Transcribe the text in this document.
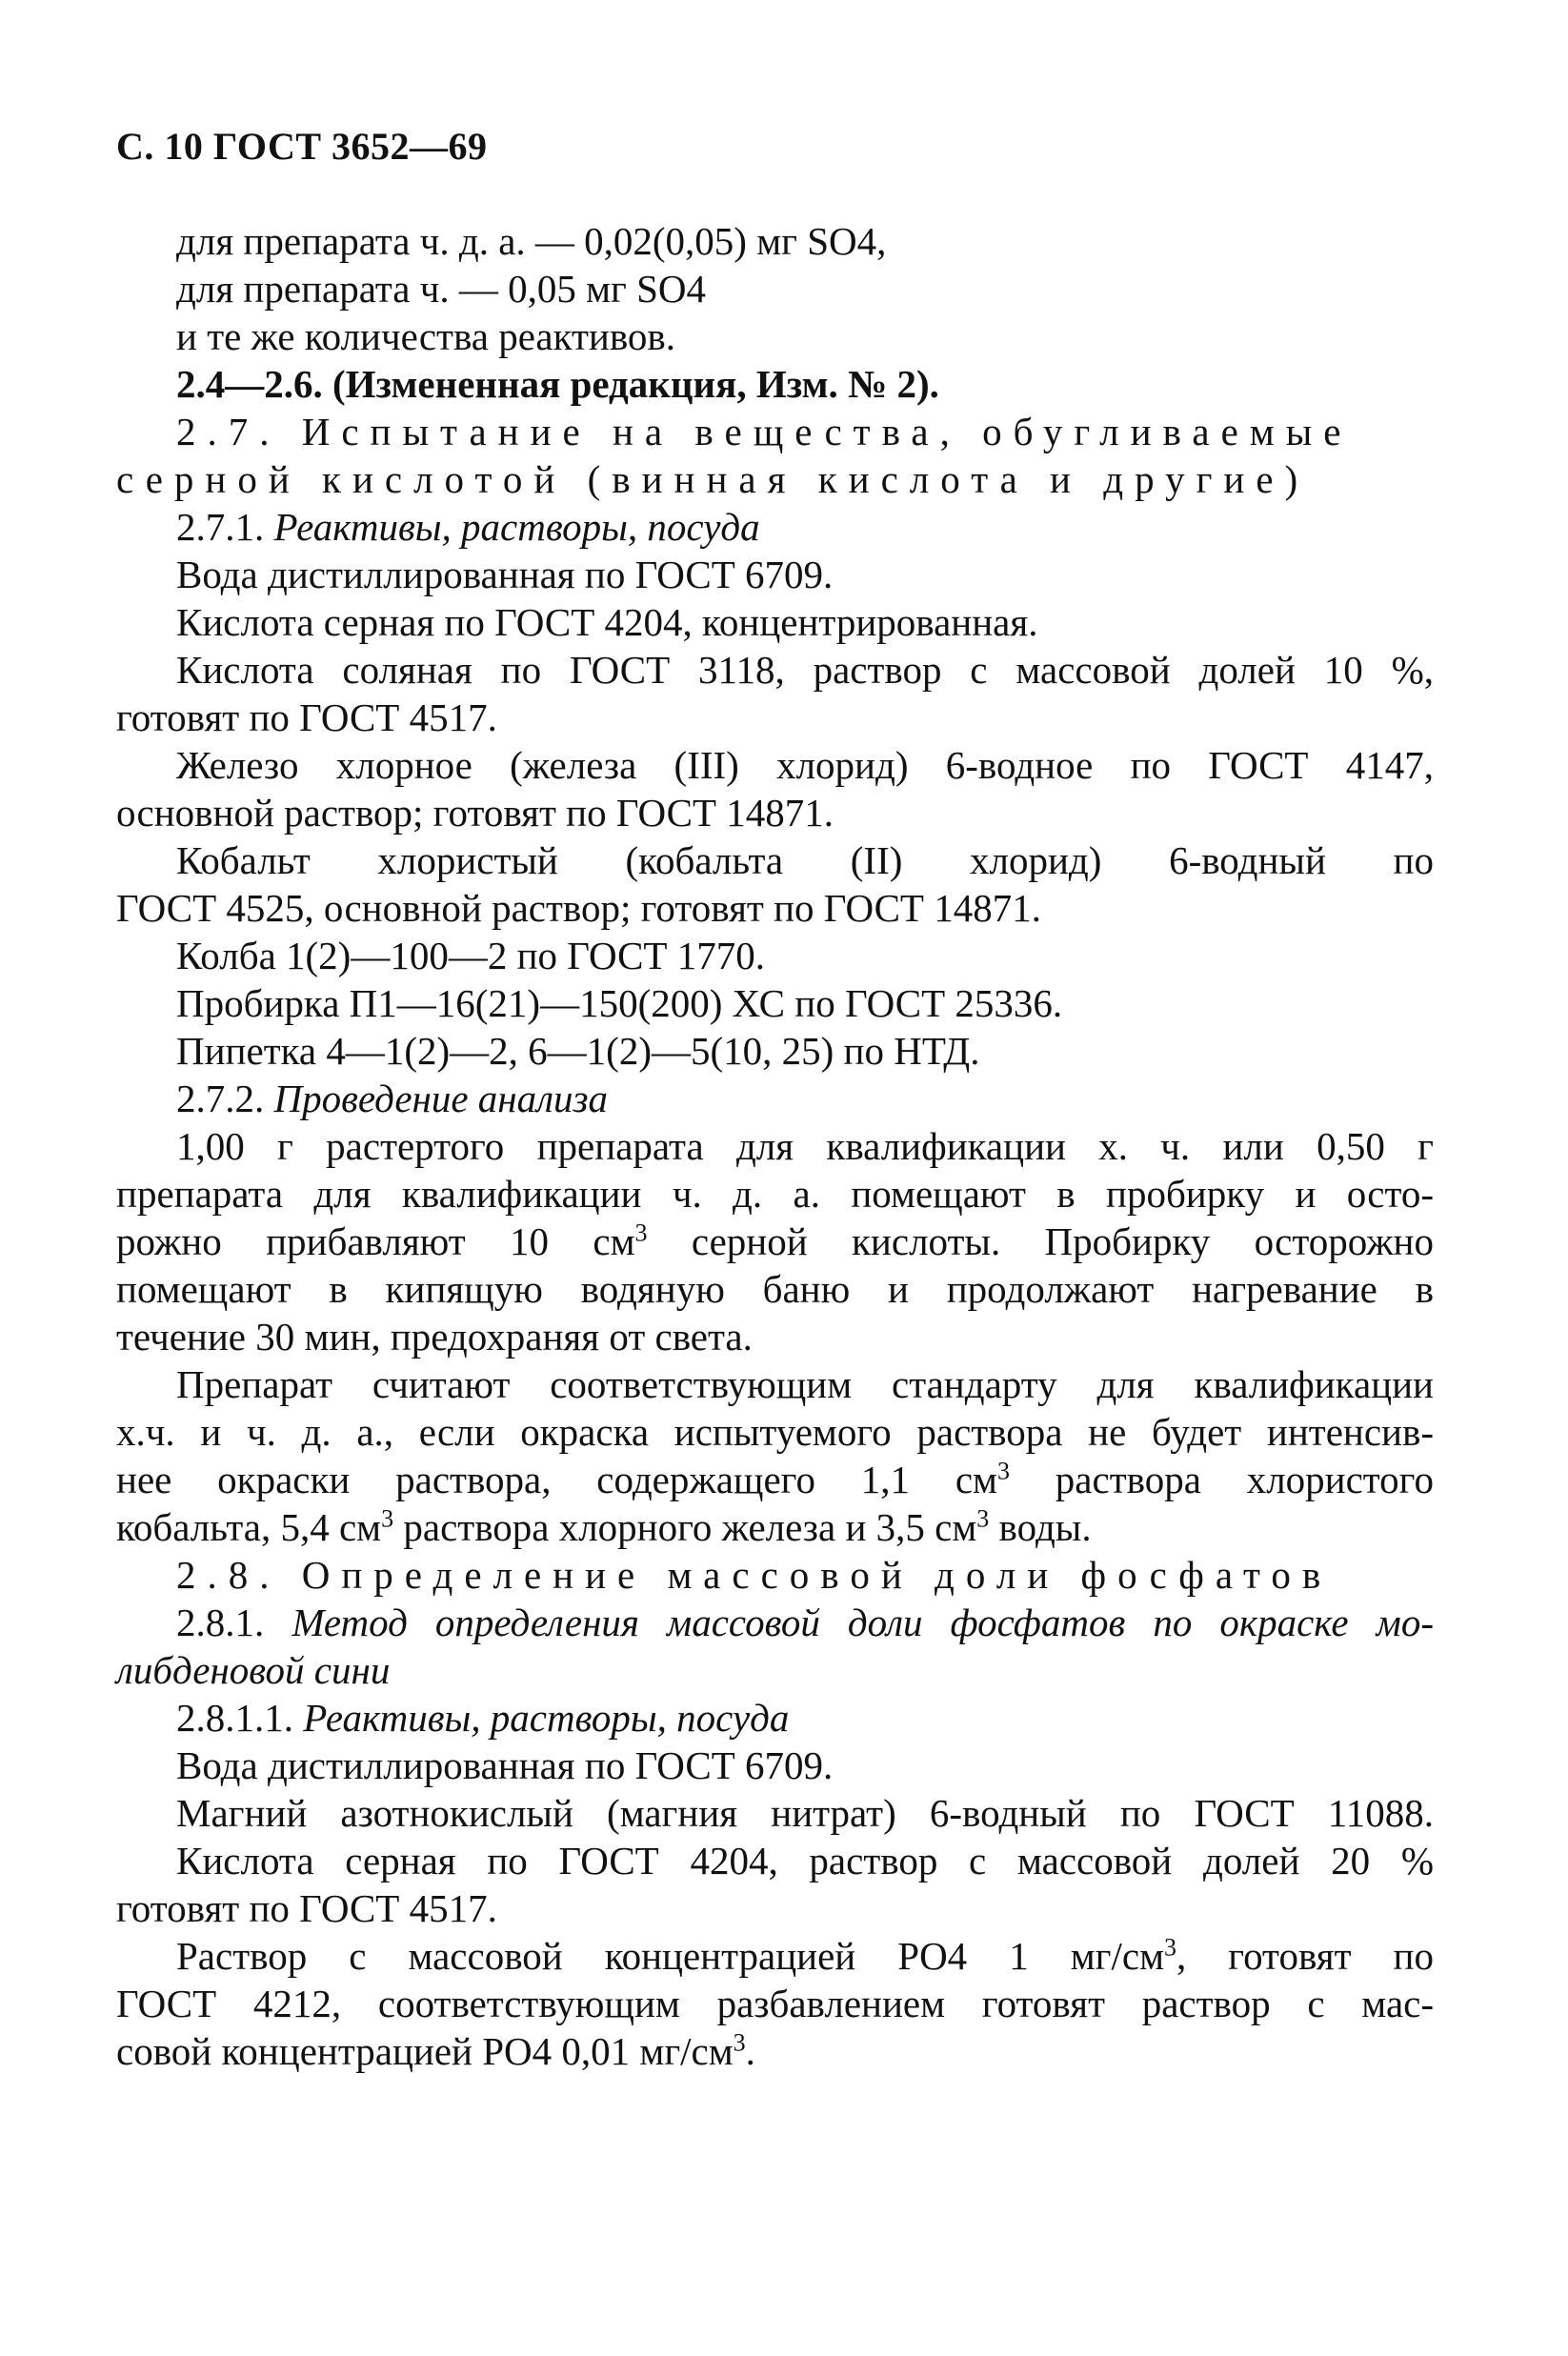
С. 10 ГОСТ 3652—69
для препарата ч. д. а. — 0,02(0,05) мг SO4,
для препарата ч. — 0,05 мг SO4
и те же количества реактивов.
2.4—2.6. (Измененная редакция, Изм. № 2).
2.7. Испытание на вещества, обугливаемые
серной кислотой (винная кислота и другие)
2.7.1. Реактивы, растворы, посуда
Вода дистиллированная по ГОСТ 6709.
Кислота серная по ГОСТ 4204, концентрированная.
Кислота соляная по ГОСТ 3118, раствор с массовой долей 10 %,
готовят по ГОСТ 4517.
Железо хлорное (железа (III) хлорид) 6-водное по ГОСТ 4147,
основной раствор; готовят по ГОСТ 14871.
Кобальт хлористый (кобальта (II) хлорид) 6-водный по
ГОСТ 4525, основной раствор; готовят по ГОСТ 14871.
Колба 1(2)—100—2 по ГОСТ 1770.
Пробирка П1—16(21)—150(200) ХС по ГОСТ 25336.
Пипетка 4—1(2)—2, 6—1(2)—5(10, 25) по НТД.
2.7.2. Проведение анализа
1,00 г растертого препарата для квалификации х. ч. или 0,50 г
препарата для квалификации ч. д. а. помещают в пробирку и осто-
рожно прибавляют 10 $см^3$ серной кислоты. Пробирку осторожно
помещают в кипящую водяную баню и продолжают нагревание в
течение 30 мин, предохраняя от света.
Препарат считают соответствующим стандарту для квалификации
х.ч. и ч. д. а., если окраска испытуемого раствора не будет интенсив-
нее окраски раствора, содержащего 1,1 $см^3$ раствора хлористого
кобальта, 5,4 $см^3$ раствора хлорного железа и 3,5 $см^3$ воды.
2.8. Определение массовой доли фосфатов
2.8.1. Метод определения массовой доли фосфатов по окраске мо-
либденовой сини
2.8.1.1. Реактивы, растворы, посуда
Вода дистиллированная по ГОСТ 6709.
Магний азотнокислый (магния нитрат) 6-водный по ГОСТ 11088.
Кислота серная по ГОСТ 4204, раствор с массовой долей 20 %
готовят по ГОСТ 4517.
Раствор с массовой концентрацией PO4 1 $мг/см^3$, готовят по
ГОСТ 4212, соответствующим разбавлением готовят раствор с мас-
совой концентрацией PO4 0,01 $мг/см^3$.
